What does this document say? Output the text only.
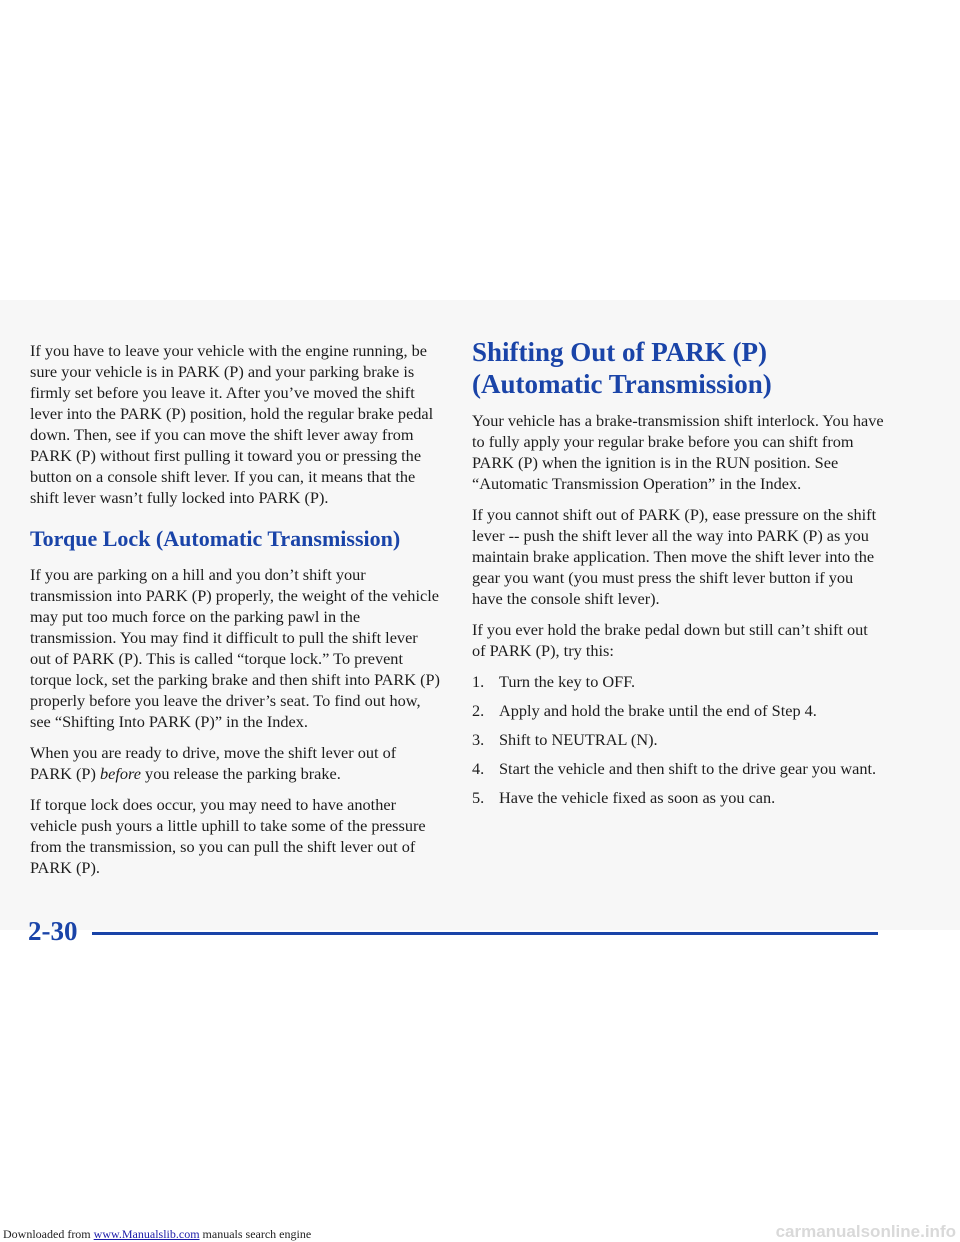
If you have to leave your vehicle with the engine running, be sure your vehicle is in PARK (P) and your parking brake is firmly set before you leave it. After you’ve moved the shift lever into the PARK (P) position, hold the regular brake pedal down. Then, see if you can move the shift lever away from PARK (P) without first pulling it toward you or pressing the button on a console shift lever. If you can, it means that the shift lever wasn’t fully locked into PARK (P).

Torque Lock (Automatic Transmission)

If you are parking on a hill and you don’t shift your transmission into PARK (P) properly, the weight of the vehicle may put too much force on the parking pawl in the transmission. You may find it difficult to pull the shift lever out of PARK (P). This is called “torque lock.” To prevent torque lock, set the parking brake and then shift into PARK (P) properly before you leave the driver’s seat. To find out how, see “Shifting Into PARK (P)” in the Index.

When you are ready to drive, move the shift lever out of PARK (P) before you release the parking brake.

If torque lock does occur, you may need to have another vehicle push yours a little uphill to take some of the pressure from the transmission, so you can pull the shift lever out of PARK (P).

Shifting Out of PARK (P)
(Automatic Transmission)

Your vehicle has a brake-transmission shift interlock. You have to fully apply your regular brake before you can shift from PARK (P) when the ignition is in the RUN position. See “Automatic Transmission Operation” in the Index.

If you cannot shift out of PARK (P), ease pressure on the shift lever -- push the shift lever all the way into PARK (P) as you maintain brake application. Then move the shift lever into the gear you want (you must press the shift lever button if you have the console shift lever).

If you ever hold the brake pedal down but still can’t shift out of PARK (P), try this:

1. Turn the key to OFF.
2. Apply and hold the brake until the end of Step 4.
3. Shift to NEUTRAL (N).
4. Start the vehicle and then shift to the drive gear you want.
5. Have the vehicle fixed as soon as you can.
2-30
Downloaded from www.Manualslib.com manuals search engine	carmanualsonline.info
